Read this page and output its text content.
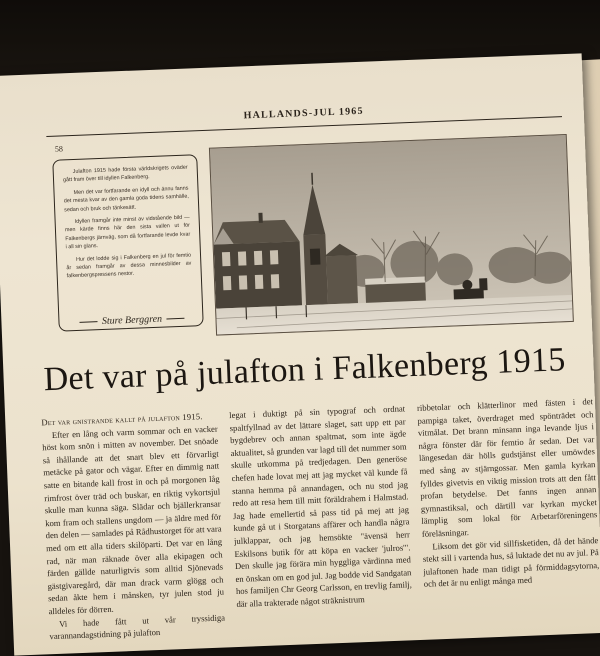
HALLANDS-JUL 1965
58

Julafton 1915 hade första världskrigets oväder gått fram över till idyllen Falkenberg.

Men det var fortfarande en idyll och ännu fanns det mesta kvar av den gamla goda tidens samhälle, sedan och bruk och tänkesätt.

Idyllen framgår inte minst av vidstående bild — men kärde finns här den sista vallen ut för Falkenbergs järnväg, som då fortfarande levde kvar i all sin glans.

Hur det lodde sig i Falkenberg en jul för femtio år sedan framgår av dessa minnesbilder av falkenbergspressens nestor.

Sture Berggren
Det var på julafton i Falkenberg 1915

Det var gnistrande kallt på julafton 1915.

Efter en lång och varm sommar och en vacker höst kom snön i mitten av november. Det snöade så ihållande att det snart blev ett förvarligt metäcke på gator och vägar. Efter en dimmig natt satte en bitande kall frost in och på morgonen låg rimfrost över träd och buskar, en riktig vykortsjul skulle man kunna säga. Slädar och bjällerkransar kom fram och stallens ungdom — ja äldre med för den delen — samlades på Rådhustorget för att vara med om ett alla tiders skilöparti. Det var en lång rad, när man räknade över alla ekipagen och färden gällde naturligtvis som alltid Sjönevads gästgivaregård, där man drack varm glögg och sedan åkte hem i månsken, tyr julen stod ju alldeles för dörren.

Vi hade fått ut vår tryssidiga varannandagstidning på julafton

legat i duktigt på sin typograf och ordnat spaltfyllnad av det lättare slaget, satt upp ett par bygdebrev och annan spaltmat, som inte ägde aktualitet, så grunden var lagd till det nummer som skulle utkomma på tredjedagen. Den generöse chefen hade lovat mej att jag mycket väl kunde få stanna hemma på annandagen, och nu stod jag redo att resa hem till mitt föräldrahem i Halmstad. Jag hade emellertid så pass tid på mej att jag kunde gå ut i Storgatans affärer och handla några julklappar, och jag hemsökte "ävensä herr Eskilsons butik för att köpa en vacker 'julros'". Den skulle jag förära min hyggliga värdinna med en önskan om en god jul. Jag bodde vid Sandgatan hos familjen Chr Georg Carlsson, en trevlig familj, där alla trakterade något sträknistrum

ribbetolar och klätterlinor med fästen i det pampiga taket, överdraget med spönträdet och vitmålat. Det brann minsann inga levande ljus i några fönster där för femtio år sedan. Det var längesedan där hölls gudstjänst eller umöwdes med sång av stjärngossar. Men gamla kyrkan fylldes givetvis en viktig mission trots att den fått profan betydelse. Det fanns ingen annan gymnastiksal, och därtill var kyrkan mycket lämplig som lokal för Arbetarföreningens föreläsningar.

Liksom det gör vid sillfisketiden, då det hände stekt sill i vartenda hus, så luktade det nu av jul. På julaftonen hade man tidigt på förmiddagsytorna, och det är nu enligt många med
